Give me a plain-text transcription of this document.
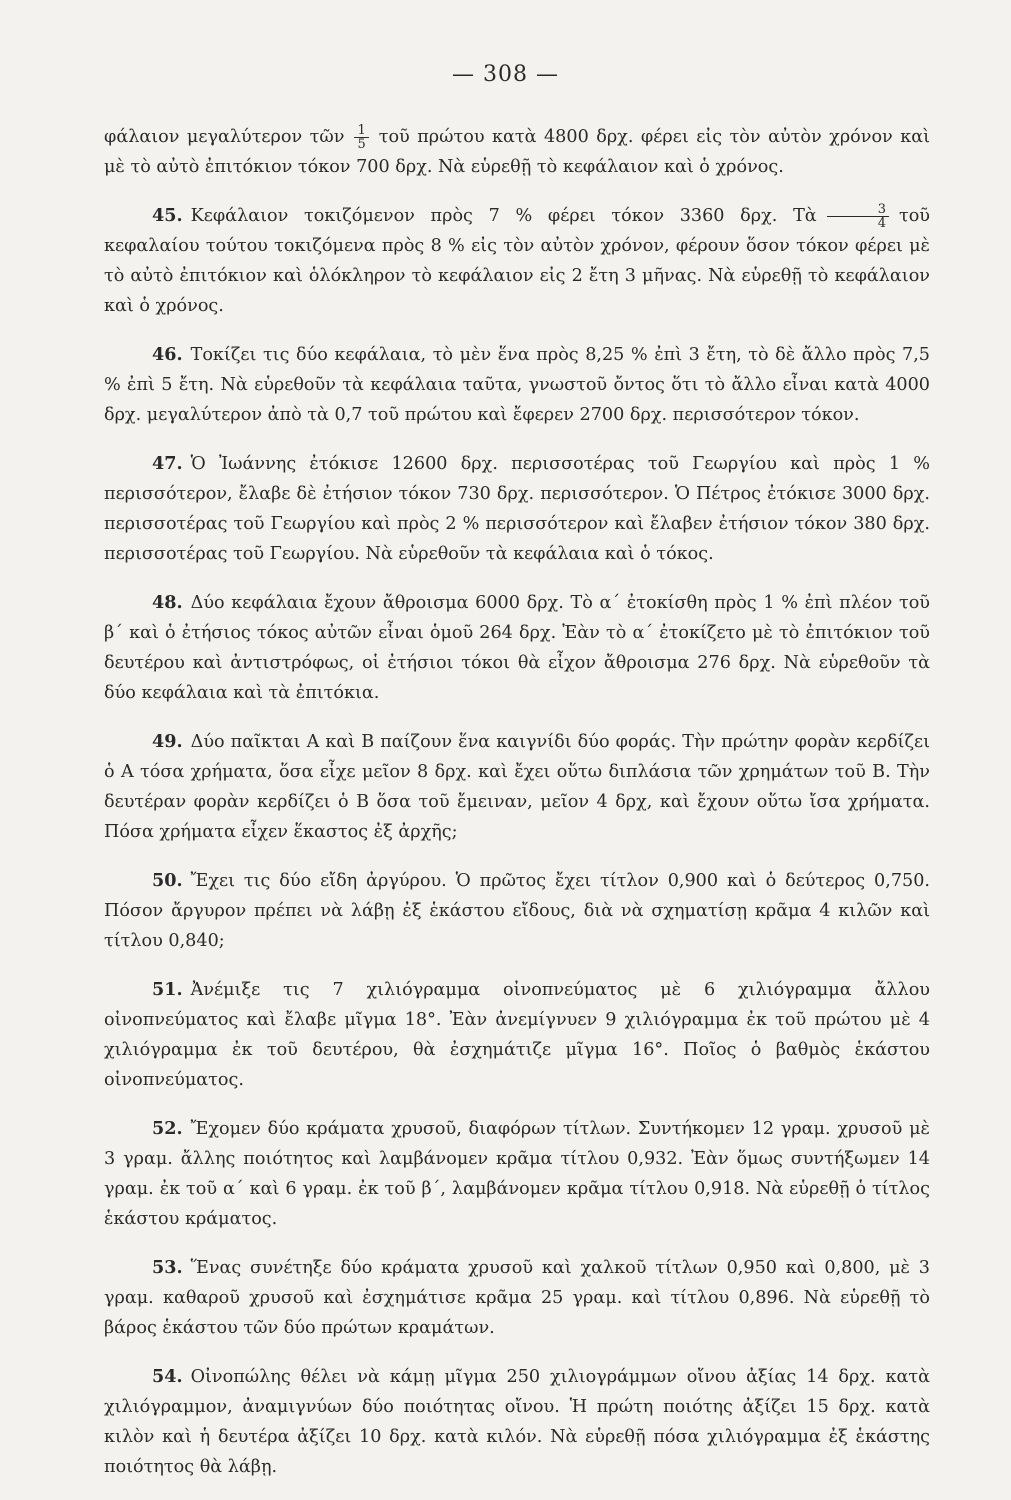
— 308 —

φάλαιον μεγαλύτερον τῶν $\frac{1}{5}$ τοῦ πρώτου κατὰ 4800 δρχ. φέρει εἰς τὸν αὐτὸν χρόνον καὶ μὲ τὸ αὐτὸ ἐπιτόκιον τόκον 700 δρχ. Νὰ εὑρεθῇ τὸ κεφάλαιον καὶ ὁ χρόνος.

45. Κεφάλαιον τοκιζόμενον πρὸς 7 % φέρει τόκον 3360 δρχ. Τὰ $\frac{3}{4}$ τοῦ κεφαλαίου τούτου τοκιζόμενα πρὸς 8 % εἰς τὸν αὐτὸν χρόνον, φέρουν ὅσον τόκον φέρει μὲ τὸ αὐτὸ ἐπιτόκιον καὶ ὁλόκληρον τὸ κεφάλαιον εἰς 2 ἔτη 3 μῆνας. Νὰ εὑρεθῇ τὸ κεφάλαιον καὶ ὁ χρόνος.

46. Τοκίζει τις δύο κεφάλαια, τὸ μὲν ἕνα πρὸς 8,25 % ἐπὶ 3 ἔτη, τὸ δὲ ἄλλο πρὸς 7,5 % ἐπὶ 5 ἔτη. Νὰ εὑρεθοῦν τὰ κεφάλαια ταῦτα, γνωστοῦ ὄντος ὅτι τὸ ἄλλο εἶναι κατὰ 4000 δρχ. μεγαλύτερον ἀπὸ τὰ 0,7 τοῦ πρώτου καὶ ἔφερεν 2700 δρχ. περισσότερον τόκον.

47. Ὁ Ἰωάννης ἐτόκισε 12600 δρχ. περισσοτέρας τοῦ Γεωργίου καὶ πρὸς 1 % περισσότερον, ἔλαβε δὲ ἐτήσιον τόκον 730 δρχ. περισσότερον. Ὁ Πέτρος ἐτόκισε 3000 δρχ. περισσοτέρας τοῦ Γεωργίου καὶ πρὸς 2 % περισσότερον καὶ ἔλαβεν ἐτήσιον τόκον 380 δρχ. περισσοτέρας τοῦ Γεωργίου. Νὰ εὑρεθοῦν τὰ κεφάλαια καὶ ὁ τόκος.

48. Δύο κεφάλαια ἔχουν ἄθροισμα 6000 δρχ. Τὸ α´ ἐτοκίσθη πρὸς 1 % ἐπὶ πλέον τοῦ β´ καὶ ὁ ἐτήσιος τόκος αὐτῶν εἶναι ὁμοῦ 264 δρχ. Ἐὰν τὸ α´ ἐτοκίζετο μὲ τὸ ἐπιτόκιον τοῦ δευτέρου καὶ ἀντιστρόφως, οἱ ἐτήσιοι τόκοι θὰ εἶχον ἄθροισμα 276 δρχ. Νὰ εὑρεθοῦν τὰ δύο κεφάλαια καὶ τὰ ἐπιτόκια.

49. Δύο παῖκται Α καὶ Β παίζουν ἕνα καιγνίδι δύο φοράς. Τὴν πρώτην φορὰν κερδίζει ὁ Α τόσα χρήματα, ὅσα εἶχε μεῖον 8 δρχ. καὶ ἔχει οὕτω διπλάσια τῶν χρημάτων τοῦ Β. Τὴν δευτέραν φορὰν κερδίζει ὁ Β ὅσα τοῦ ἔμειναν, μεῖον 4 δρχ, καὶ ἔχουν οὕτω ἴσα χρήματα. Πόσα χρήματα εἶχεν ἕκαστος ἐξ ἀρχῆς;

50. Ἔχει τις δύο εἴδη ἀργύρου. Ὁ πρῶτος ἔχει τίτλον 0,900 καὶ ὁ δεύτερος 0,750. Πόσον ἄργυρον πρέπει νὰ λάβῃ ἐξ ἑκάστου εἴδους, διὰ νὰ σχηματίσῃ κρᾶμα 4 κιλῶν καὶ τίτλου 0,840;

51. Ἀνέμιξε τις 7 χιλιόγραμμα οἰνοπνεύματος μὲ 6 χιλιόγραμμα ἄλλου οἰνοπνεύματος καὶ ἔλαβε μῖγμα 18°. Ἐὰν ἀνεμίγνυεν 9 χιλιόγραμμα ἐκ τοῦ πρώτου μὲ 4 χιλιόγραμμα ἐκ τοῦ δευτέρου, θὰ ἐσχημάτιζε μῖγμα 16°. Ποῖος ὁ βαθμὸς ἑκάστου οἰνοπνεύματος.

52. Ἔχομεν δύο κράματα χρυσοῦ, διαφόρων τίτλων. Συντήκομεν 12 γραμ. χρυσοῦ μὲ 3 γραμ. ἄλλης ποιότητος καὶ λαμβάνομεν κρᾶμα τίτλου 0,932. Ἐὰν ὅμως συντήξωμεν 14 γραμ. ἐκ τοῦ α´ καὶ 6 γραμ. ἐκ τοῦ β´, λαμβάνομεν κρᾶμα τίτλου 0,918. Νὰ εὑρεθῇ ὁ τίτλος ἑκάστου κράματος.

53. Ἕνας συνέτηξε δύο κράματα χρυσοῦ καὶ χαλκοῦ τίτλων 0,950 καὶ 0,800, μὲ 3 γραμ. καθαροῦ χρυσοῦ καὶ ἐσχημάτισε κρᾶμα 25 γραμ. καὶ τίτλου 0,896. Νὰ εὑρεθῇ τὸ βάρος ἑκάστου τῶν δύο πρώτων κραμάτων.

54. Οἰνοπώλης θέλει νὰ κάμῃ μῖγμα 250 χιλιογράμμων οἴνου ἀξίας 14 δρχ. κατὰ χιλιόγραμμον, ἀναμιγνύων δύο ποιότητας οἴνου. Ἡ πρώτη ποιότης ἀξίζει 15 δρχ. κατὰ κιλὸν καὶ ἡ δευτέρα ἀξίζει 10 δρχ. κατὰ κιλόν. Νὰ εὑρεθῇ πόσα χιλιόγραμμα ἐξ ἑκάστης ποιότητος θὰ λάβῃ.
